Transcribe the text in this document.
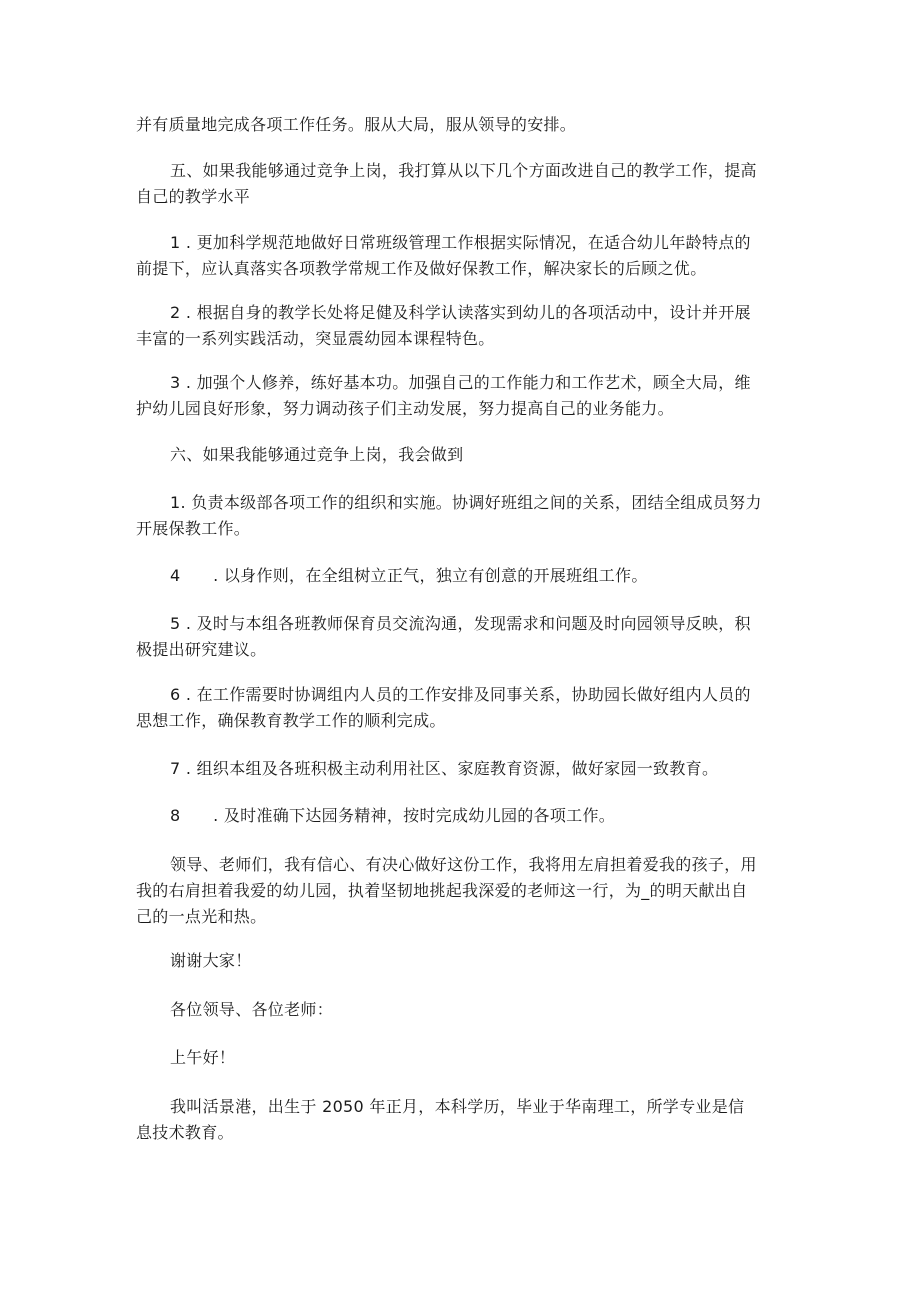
并有质量地完成各项工作任务。服从大局，服从领导的安排。

五、如果我能够通过竞争上岗，我打算从以下几个方面改进自己的教学工作，提高
自己的教学水平

1 . 更加科学规范地做好日常班级管理工作根据实际情况，在适合幼儿年龄特点的
前提下，应认真落实各项教学常规工作及做好保教工作，解决家长的后顾之优。

2 . 根据自身的教学长处将足健及科学认读落实到幼儿的各项活动中，设计并开展
丰富的一系列实践活动，突显震幼园本课程特色。

3 . 加强个人修养，练好基本功。加强自己的工作能力和工作艺术，顾全大局，维
护幼儿园良好形象，努力调动孩子们主动发展，努力提高自己的业务能力。

六、如果我能够通过竞争上岗，我会做到

1. 负责本级部各项工作的组织和实施。协调好班组之间的关系，团结全组成员努力
开展保教工作。

4　　. 以身作则，在全组树立正气，独立有创意的开展班组工作。

5 . 及时与本组各班教师保育员交流沟通，发现需求和问题及时向园领导反映，积
极提出研究建议。

6 . 在工作需要时协调组内人员的工作安排及同事关系，协助园长做好组内人员的
思想工作，确保教育教学工作的顺利完成。

7 . 组织本组及各班积极主动利用社区、家庭教育资源，做好家园一致教育。

8　　. 及时准确下达园务精神，按时完成幼儿园的各项工作。

领导、老师们，我有信心、有决心做好这份工作，我将用左肩担着爱我的孩子，用
我的右肩担着我爱的幼儿园，执着坚韧地挑起我深爱的老师这一行，为_的明天献出自
己的一点光和热。

谢谢大家！

各位领导、各位老师：

上午好！

我叫活景港，出生于 2050 年正月，本科学历，毕业于华南理工，所学专业是信
息技术教育。
